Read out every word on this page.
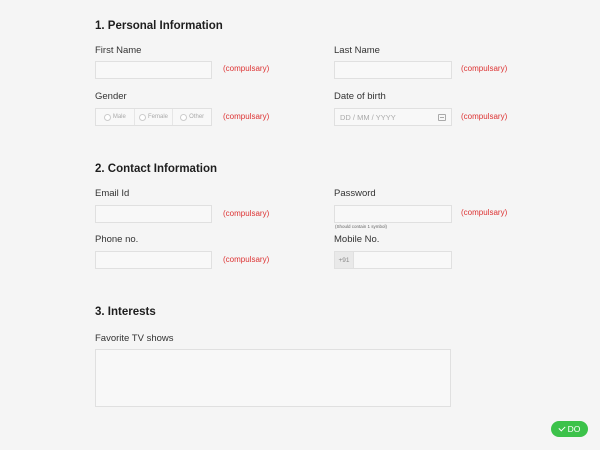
1. Personal Information
First Name
(compulsary)
Last Name
(compulsary)
Gender
Male	Female	Other (compulsary)
Date of birth
DD / MM / YYYY	(compulsary)
2. Contact Information
Email Id
(compulsary)
Password
(Should contain 1 symbol)
(compulsary)
Phone no.
(compulsary)
Mobile No.
+91
3. Interests
Favorite TV shows
DO
